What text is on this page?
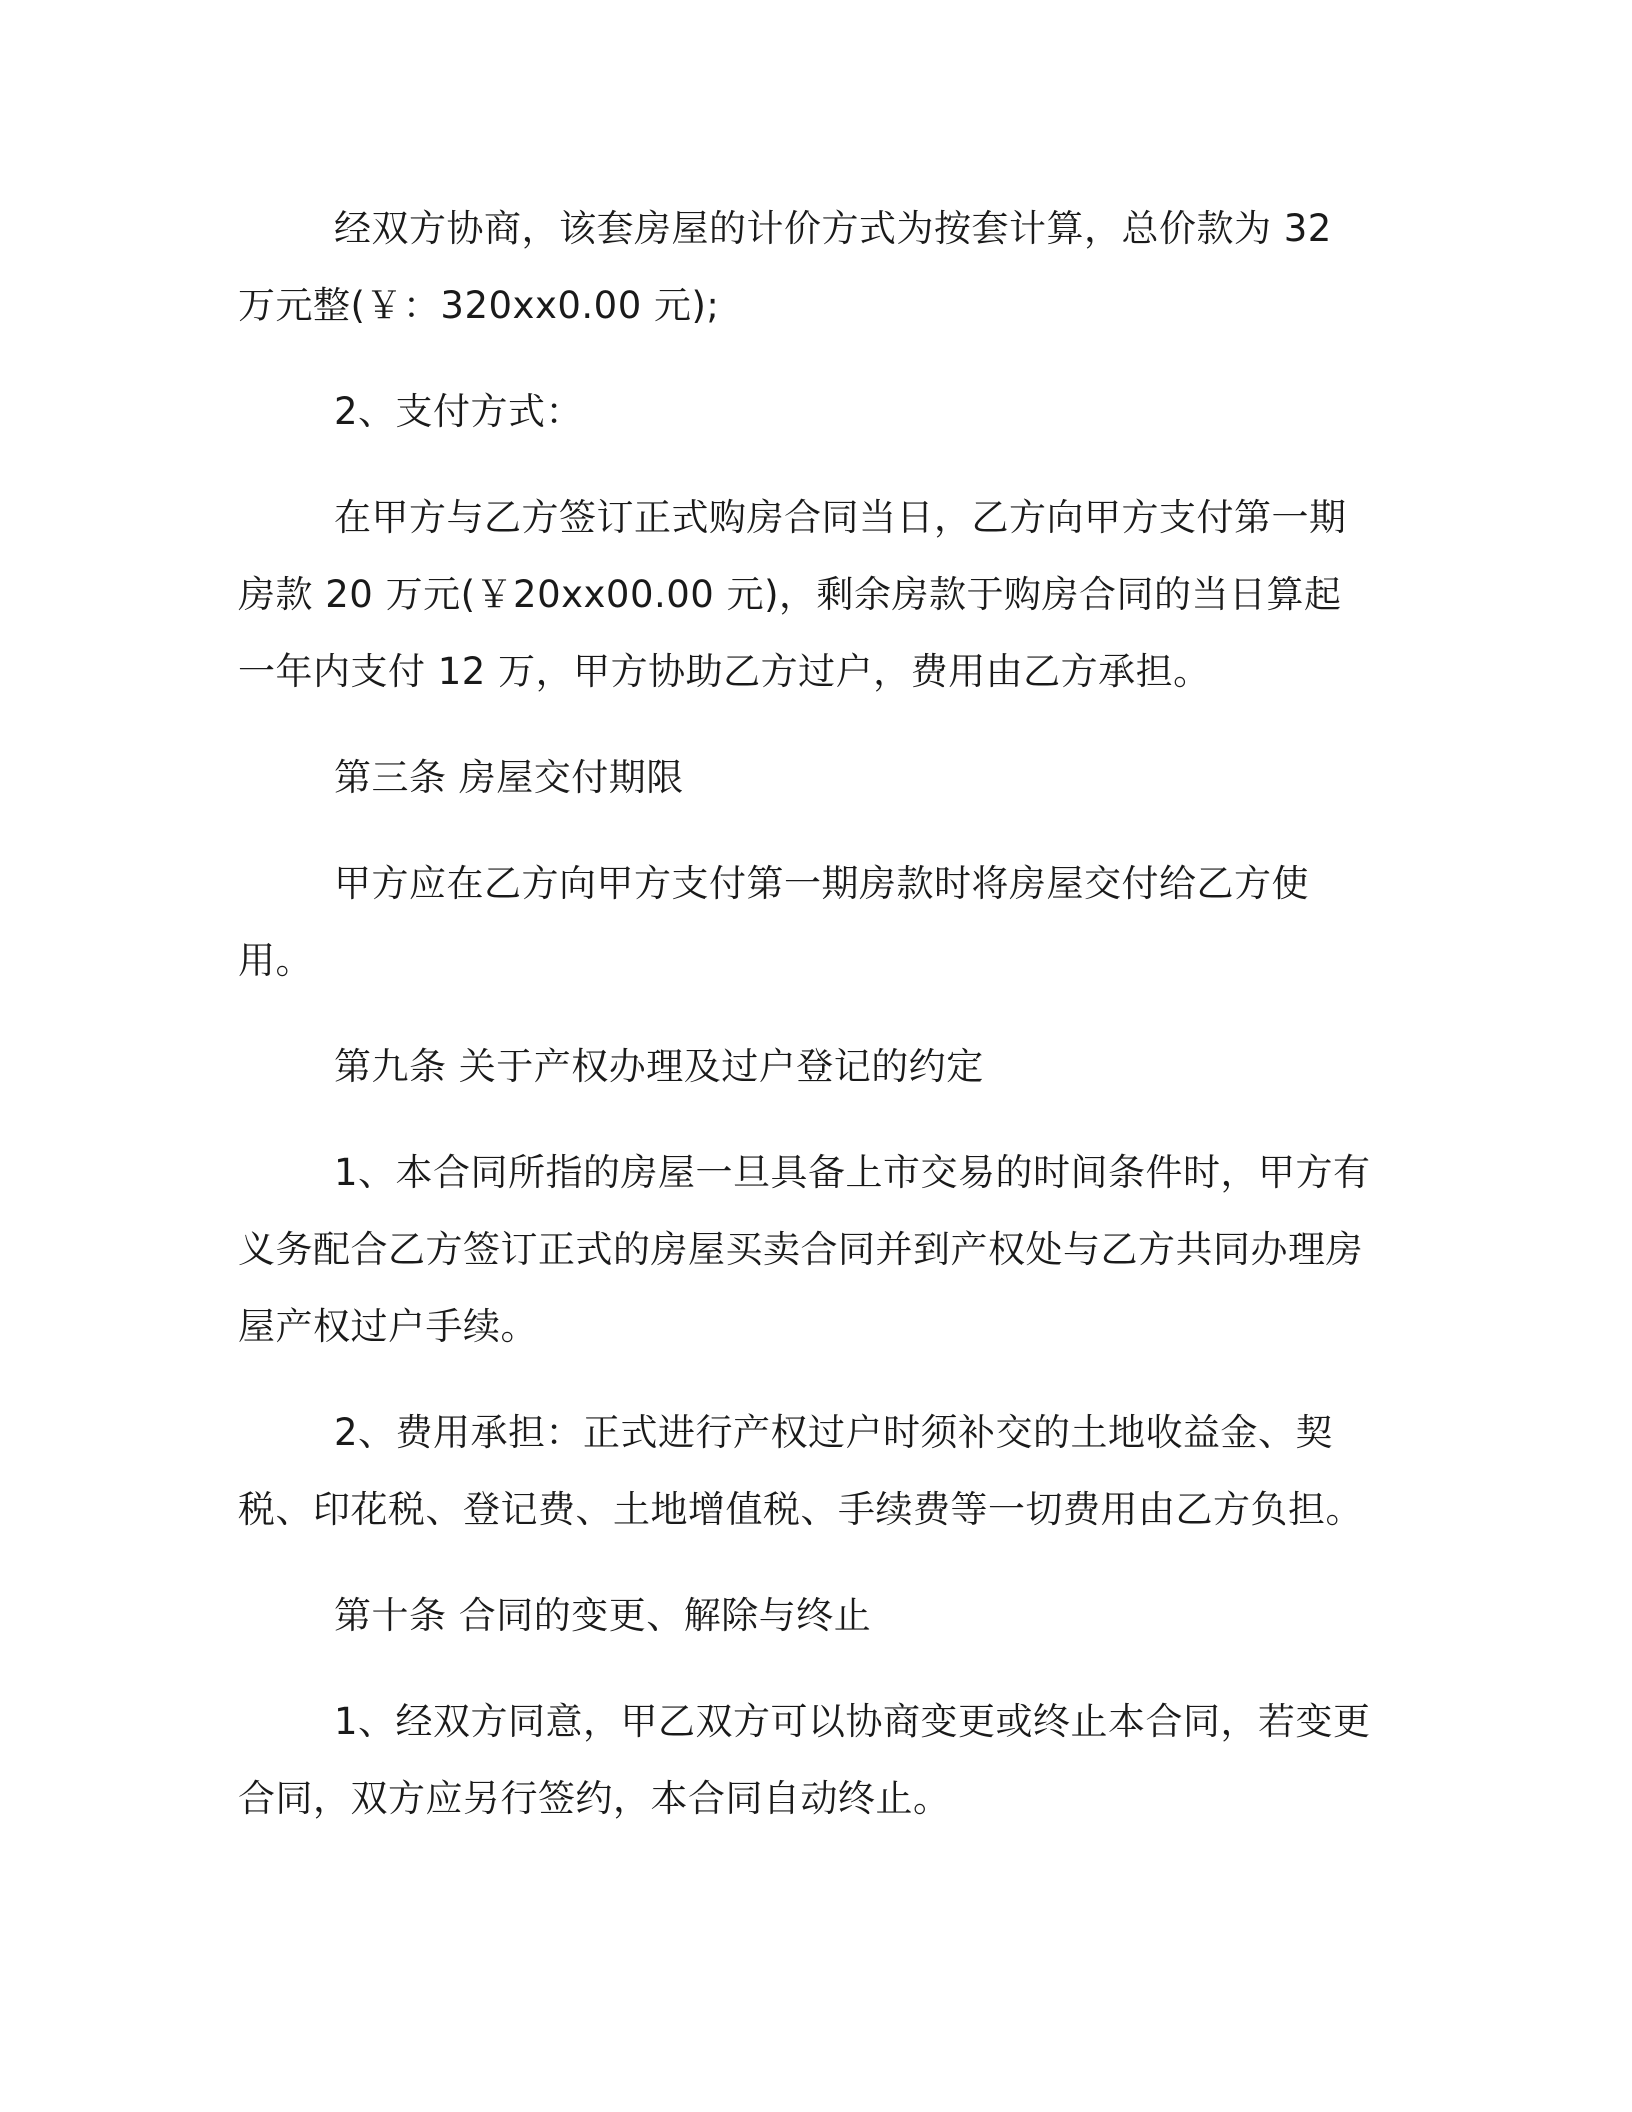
经双方协商，该套房屋的计价方式为按套计算，总价款为 32 万元整(￥：320xx0.00 元);

2、支付方式：

在甲方与乙方签订正式购房合同当日，乙方向甲方支付第一期房款 20 万元(￥20xx00.00 元)，剩余房款于购房合同的当日算起一年内支付 12 万，甲方协助乙方过户，费用由乙方承担。

第三条 房屋交付期限

甲方应在乙方向甲方支付第一期房款时将房屋交付给乙方使用。

第九条 关于产权办理及过户登记的约定

1、本合同所指的房屋一旦具备上市交易的时间条件时，甲方有义务配合乙方签订正式的房屋买卖合同并到产权处与乙方共同办理房屋产权过户手续。

2、费用承担：正式进行产权过户时须补交的土地收益金、契税、印花税、登记费、土地增值税、手续费等一切费用由乙方负担。

第十条 合同的变更、解除与终止

1、经双方同意，甲乙双方可以协商变更或终止本合同，若变更合同，双方应另行签约，本合同自动终止。
